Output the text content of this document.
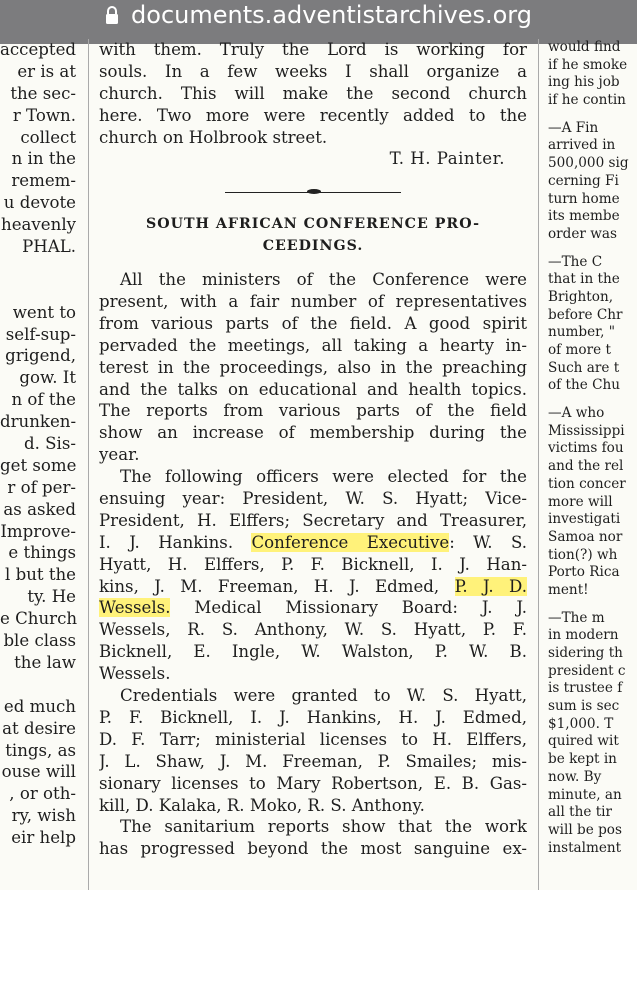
documents.adventistarchives.org
accepted
er is at
the sec-
r Town.
collect
n in the
remem-
u devote
heavenly
PHAL.
went to
self-sup-
grigend,
gow. It
n of the
drunken-
d. Sis-
get some
r of per-
as asked
Improve-
e things
l but the
ty. He
e Church
ble class
the law
ed much
at desire
tings, as
ouse will
, or oth-
ry, wish
eir help
with them. Truly the Lord is working for
souls. In a few weeks I shall organize a
church. This will make the second church
here. Two more were recently added to the
church on Holbrook street.
T. H. Painter.
SOUTH AFRICAN CONFERENCE PRO-
CEEDINGS.
All the ministers of the Conference were
present, with a fair number of representatives
from various parts of the field. A good spirit
pervaded the meetings, all taking a hearty in-
terest in the proceedings, also in the preaching
and the talks on educational and health topics.
The reports from various parts of the field
show an increase of membership during the
year.
The following officers were elected for the
ensuing year: President, W. S. Hyatt; Vice-
President, H. Elffers; Secretary and Treasurer,
I. J. Hankins. Conference Executive: W. S.
Hyatt, H. Elffers, P. F. Bicknell, I. J. Han-
kins, J. M. Freeman, H. J. Edmed, P. J. D.
Wessels. Medical Missionary Board: J. J.
Wessels, R. S. Anthony, W. S. Hyatt, P. F.
Bicknell, E. Ingle, W. Walston, P. W. B.
Wessels.
Credentials were granted to W. S. Hyatt,
P. F. Bicknell, I. J. Hankins, H. J. Edmed,
D. F. Tarr; ministerial licenses to H. Elffers,
J. L. Shaw, J. M. Freeman, P. Smailes; mis-
sionary licenses to Mary Robertson, E. B. Gas-
kill, D. Kalaka, R. Moko, R. S. Anthony.
The sanitarium reports show that the work
has progressed beyond the most sanguine ex-
would find
if he smoke
ing his job
if he contin
—A Fin
arrived in
500,000 sig
cerning Fi
turn home
its membe
order was
—The C
that in the
Brighton,
before Chr
number, "
of more t
Such are t
of the Chu
—A who
Mississippi
victims fou
and the rel
tion concer
more will
investigati
Samoa nor
tion(?) wh
Porto Rica
ment!
—The m
in modern
sidering th
president c
is trustee f
sum is sec
$1,000. T
quired wit
be kept in
now. By
minute, an
all the tir
will be pos
instalment
